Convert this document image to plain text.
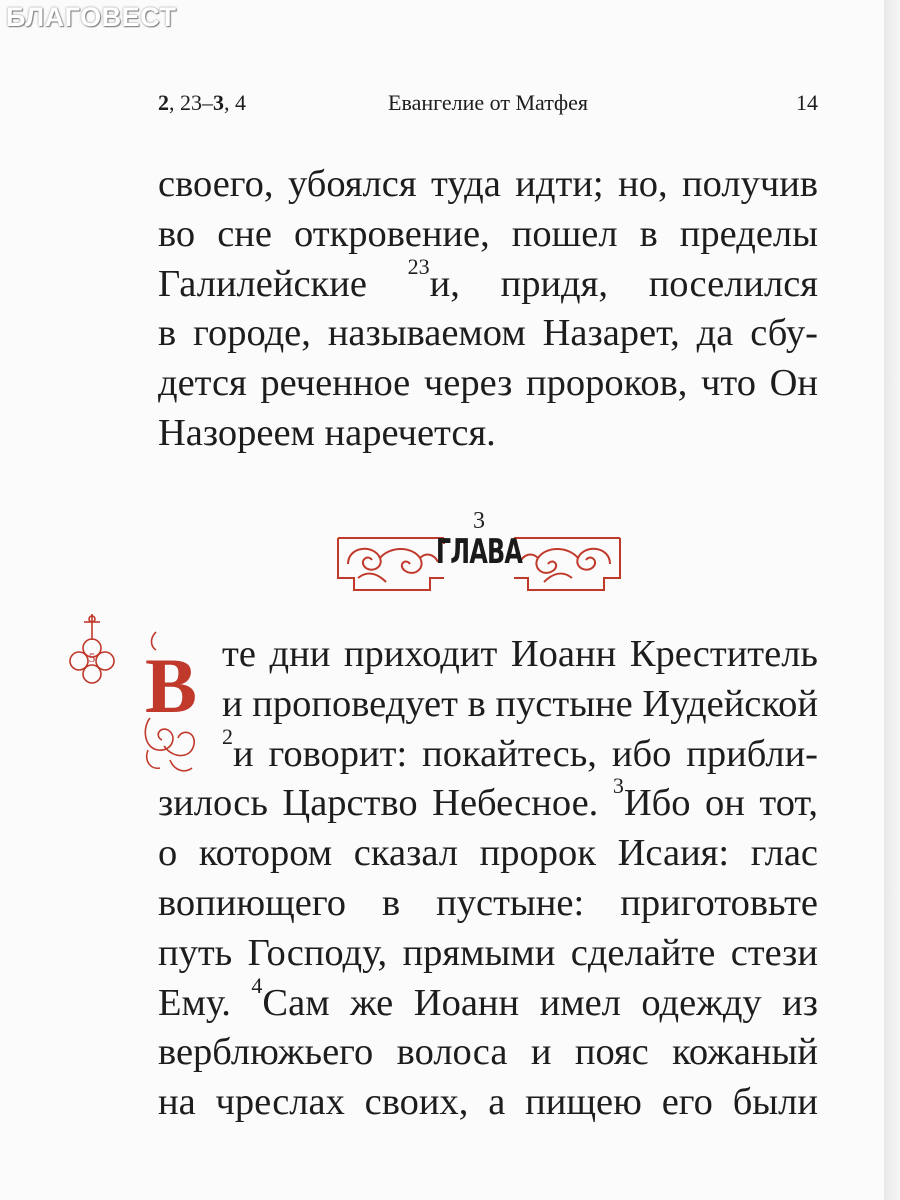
БЛАГОВЕСТ
2, 23–3, 4	Евангелие от Матфея	14
своего, убоялся туда идти; но, получив
во сне откровение, пошел в пределы
Галилейские $^{23}$и, придя, поселился
в городе, называемом Назарет, да сбу-
дется реченное через пророков, что Он
Назореем наречется.
3
ГЛАВА
5 В те дни приходит Иоанн Креститель
и проповедует в пустыне Иудейской
$^2$и говорит: покайтесь, ибо прибли-
зилось Царство Небесное. $^3$Ибо он тот,
о котором сказал пророк Исаия: глас
вопиющего в пустыне: приготовьте
путь Господу, прямыми сделайте стези
Ему. $^4$Сам же Иоанн имел одежду из
верблюжьего волоса и пояс кожаный
на чреслах своих, а пищею его были
